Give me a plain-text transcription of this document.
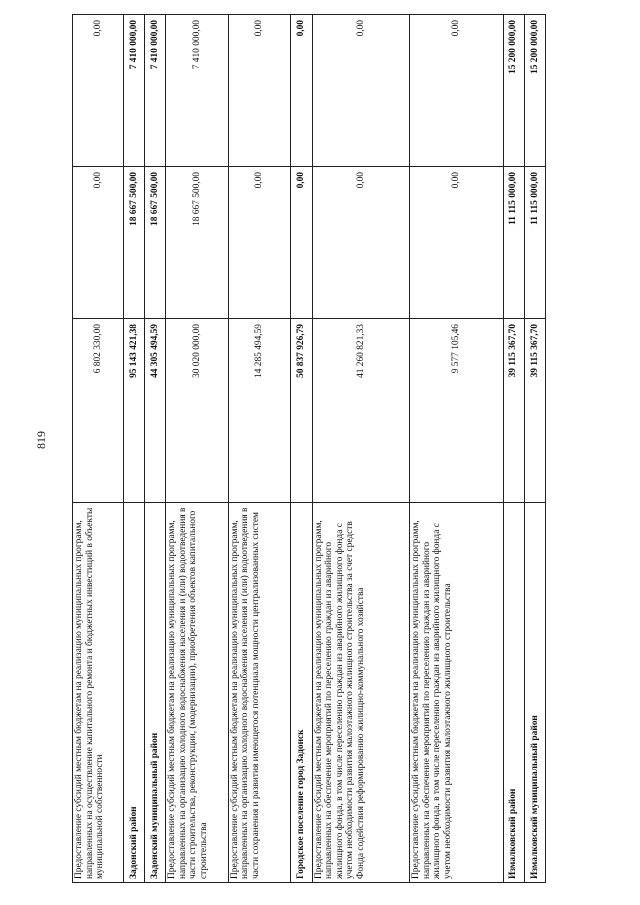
819
Предоставление субсидий местным бюджетам на реализацию муниципальных программ, направленных на осуществление капитального ремонта и бюджетных инвестиций в объекты муниципальной собственности	6 802 330,00	0,00	0,00
Задонский район	95 143 421,38	18 667 500,00	7 410 000,00
Задонский муниципальный район	44 305 494,59	18 667 500,00	7 410 000,00
Предоставление субсидий местным бюджетам на реализацию муниципальных программ, направленных на организацию холодного водоснабжения населения и (или) водоотведения в части строительства, реконструкции, (модернизации), приобретения объектов капитального строительства	30 020 000,00	18 667 500,00	7 410 000,00
Предоставление субсидий местным бюджетам на реализацию муниципальных программ, направленных на организацию холодного водоснабжения населения и (или) водоотведения в части сохранения и развития имеющегося потенциала мощности централизованных систем	14 285 494,59	0,00	0,00
Городское поселение город Задонск	50 837 926,79	0,00	0,00
Предоставление субсидий местным бюджетам на реализацию муниципальных программ, направленных на обеспечение мероприятий по переселению граждан из аварийного жилищного фонда, в том числе переселению граждан из аварийного жилищного фонда с учетом необходимости развития малоэтажного жилищного строительства за счет средств Фонда содействия реформированию жилищно-коммунального хозяйства	41 260 821,33	0,00	0,00
Предоставление субсидий местным бюджетам на реализацию муниципальных программ, направленных на обеспечение мероприятий по переселению граждан из аварийного жилищного фонда, в том числе переселению граждан из аварийного жилищного фонда с учетом необходимости развития малоэтажного жилищного строительства	9 577 105,46	0,00	0,00
Измалковский район	39 115 367,70	11 115 000,00	15 200 000,00
Измалковский муниципальный район	39 115 367,70	11 115 000,00	15 200 000,00
